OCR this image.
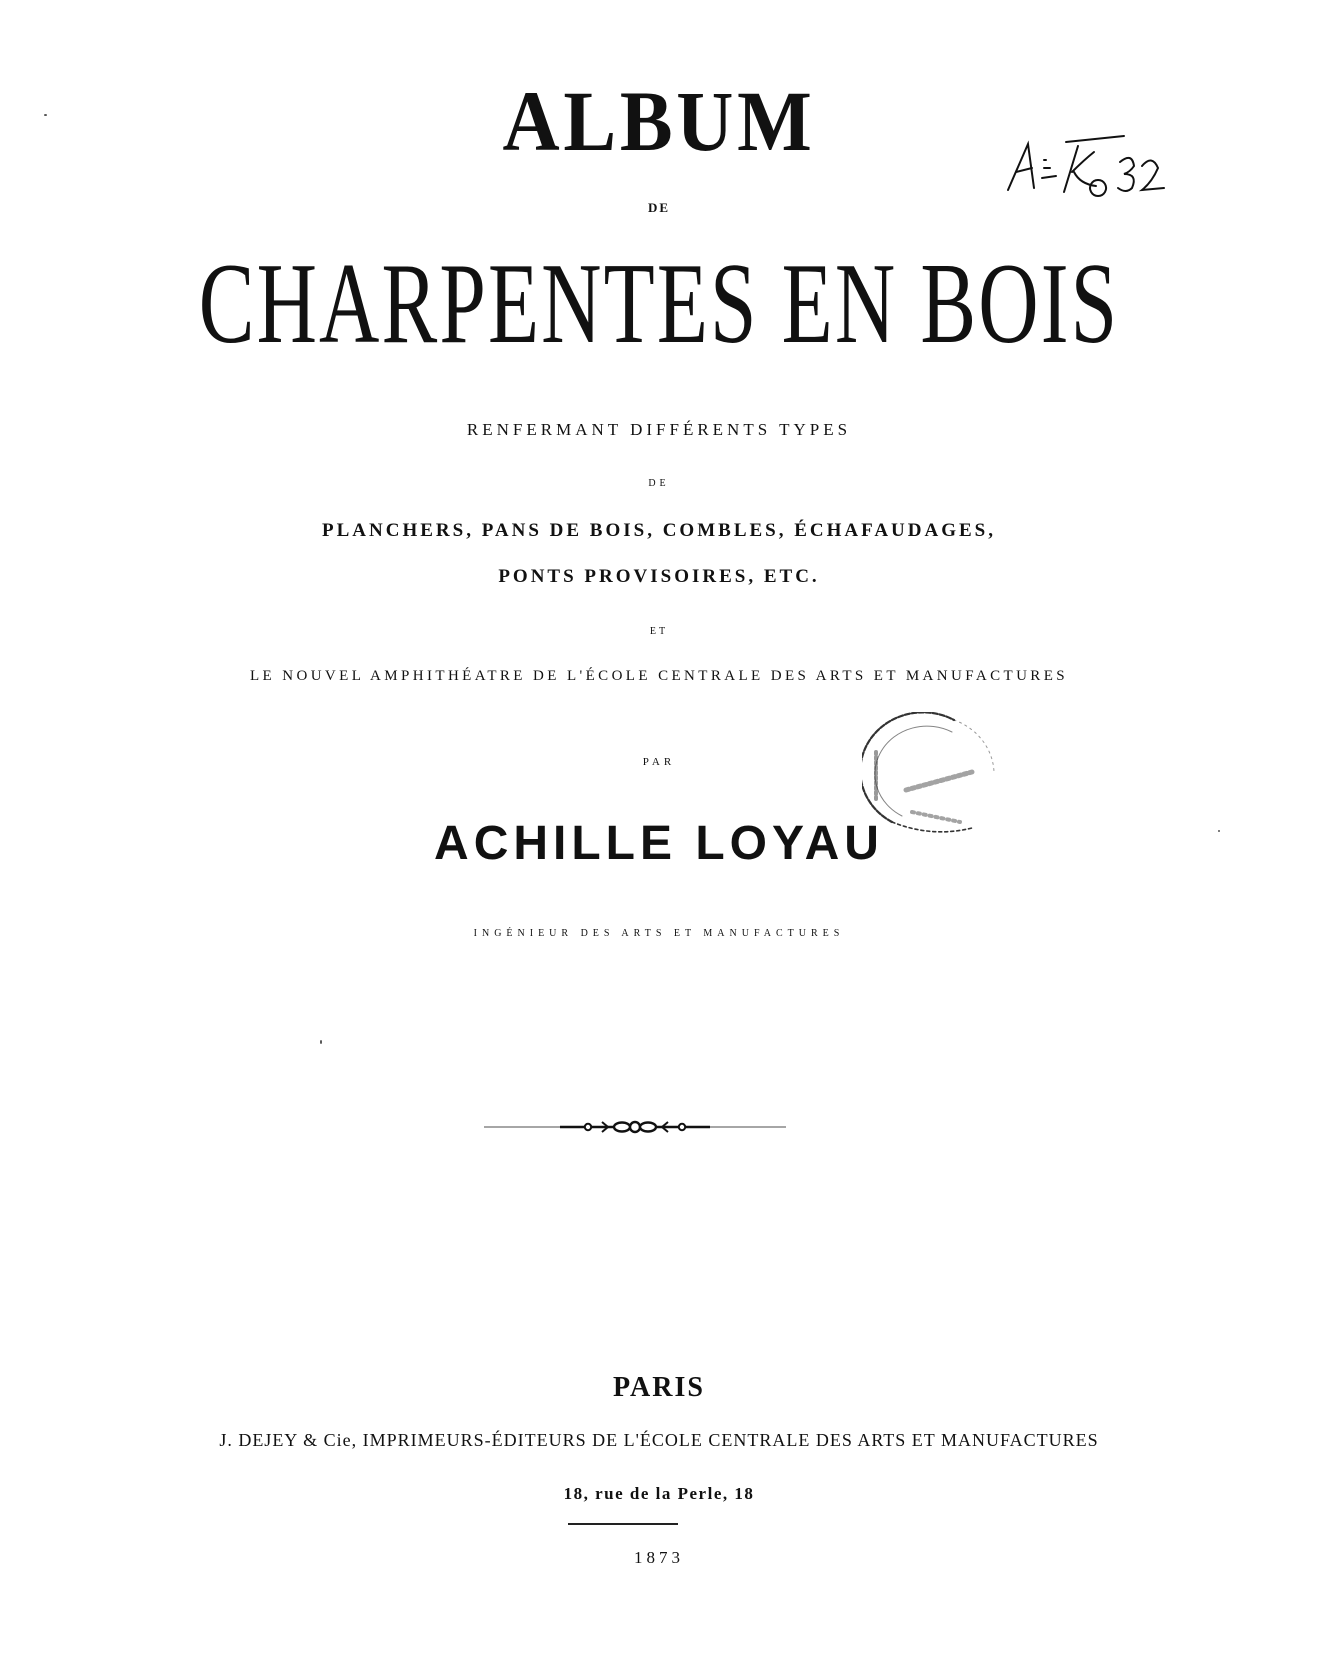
ALBUM
DE
CHARPENTES EN BOIS
RENFERMANT DIFFÉRENTS TYPES
DE
PLANCHERS, PANS DE BOIS, COMBLES, ÉCHAFAUDAGES,
PONTS PROVISOIRES, ETC.
ET
LE NOUVEL AMPHITHÉATRE DE L'ÉCOLE CENTRALE DES ARTS ET MANUFACTURES
PAR
ACHILLE LOYAU
INGÉNIEUR DES ARTS ET MANUFACTURES
PARIS
J. DEJEY & Cie, IMPRIMEURS-ÉDITEURS DE L'ÉCOLE CENTRALE DES ARTS ET MANUFACTURES
18, rue de la Perle, 18
1873
